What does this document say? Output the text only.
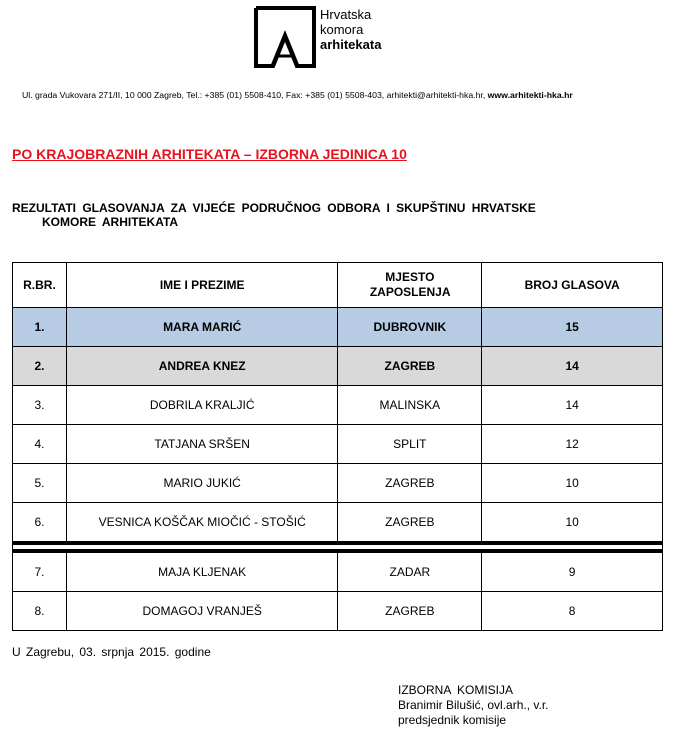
Hrvatska
komora
arhitekata
Ul. grada Vukovara 271/II, 10 000 Zagreb, Tel.: +385 (01) 5508-410, Fax: +385 (01) 5508-403, arhitekti@arhitekti-hka.hr, www.arhitekti-hka.hr
PO KRAJOBRAZNIH ARHITEKATA – IZBORNA JEDINICA 10
REZULTATI GLASOVANJA ZA VIJEĆE PODRUČNOG ODBORA I SKUPŠTINU HRVATSKE
KOMORE ARHITEKATA
R.BR.	IME I PREZIME	MJESTO ZAPOSLENJA	BROJ GLASOVA
1.	MARA MARIĆ	DUBROVNIK	15
2.	ANDREA KNEZ	ZAGREB	14
3.	DOBRILA KRALJIĆ	MALINSKA	14
4.	TATJANA SRŠEN	SPLIT	12
5.	MARIO JUKIĆ	ZAGREB	10
6.	VESNICA KOŠČAK MIOČIĆ - STOŠIĆ	ZAGREB	10

7.	MAJA KLJENAK	ZADAR	9
8.	DOMAGOJ VRANJEŠ	ZAGREB	8
U Zagrebu, 03. srpnja 2015. godine
IZBORNA KOMISIJA
Branimir Bilušić, ovl.arh., v.r.
predsjednik komisije
